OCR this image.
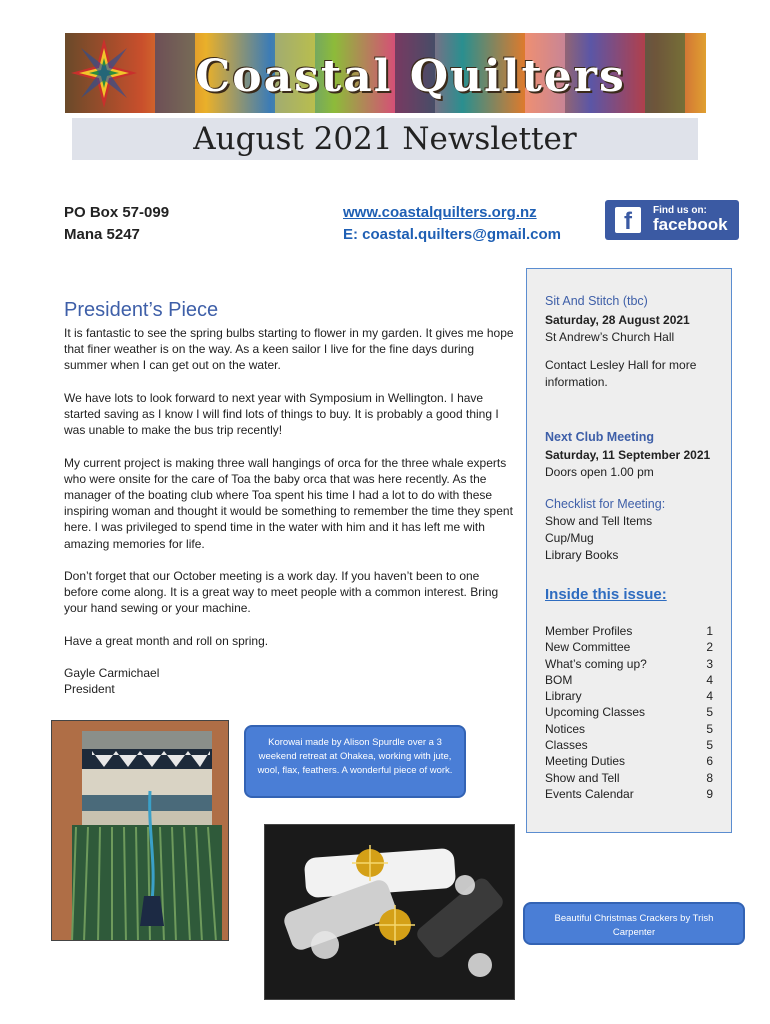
Coastal Quilters
August 2021 Newsletter
PO Box 57-099
Mana 5247
www.coastalquilters.org.nz
E: coastal.quilters@gmail.com	f	Find us on:
facebook
President’s Piece

It is fantastic to see the spring bulbs starting to flower in my garden. It gives me hope that finer weather is on the way. As a keen sailor I live for the fine days during summer when I can get out on the water.

We have lots to look forward to next year with Symposium in Wellington. I have started saving as I know I will find lots of things to buy. It is probably a good thing I was unable to make the bus trip recently!

My current project is making three wall hangings of orca for the three whale experts who were onsite for the care of Toa the baby orca that was here recently. As the manager of the boating club where Toa spent his time I had a lot to do with these inspiring woman and thought it would be something to remember the time they spent here. I was privileged to spend time in the water with him and it has left me with amazing memories for life.

Don’t forget that our October meeting is a work day. If you haven’t been to one before come along. It is a great way to meet people with a common interest. Bring your hand sewing or your machine.

Have a great month and roll on spring.

Gayle Carmichael
President
Sit And Stitch (tbc)
Saturday, 28 August 2021
St Andrew’s Church Hall
Contact Lesley Hall for more information.
Next Club Meeting
Saturday, 11 September 2021
Doors open 1.00 pm
Checklist for Meeting:
Show and Tell Items
Cup/Mug
Library Books
Inside this issue:
Member Profiles	1
New Committee	2
What’s coming up?	3
BOM	4
Library	4
Upcoming Classes	5
Notices	5
Classes	5
Meeting Duties	6
Show and Tell	8
Events Calendar	9
Korowai made by Alison Spurdle over a 3 weekend retreat at Ohakea, working with jute, wool, flax, feathers. A wonderful piece of work.
Beautiful Christmas Crackers by Trish Carpenter
